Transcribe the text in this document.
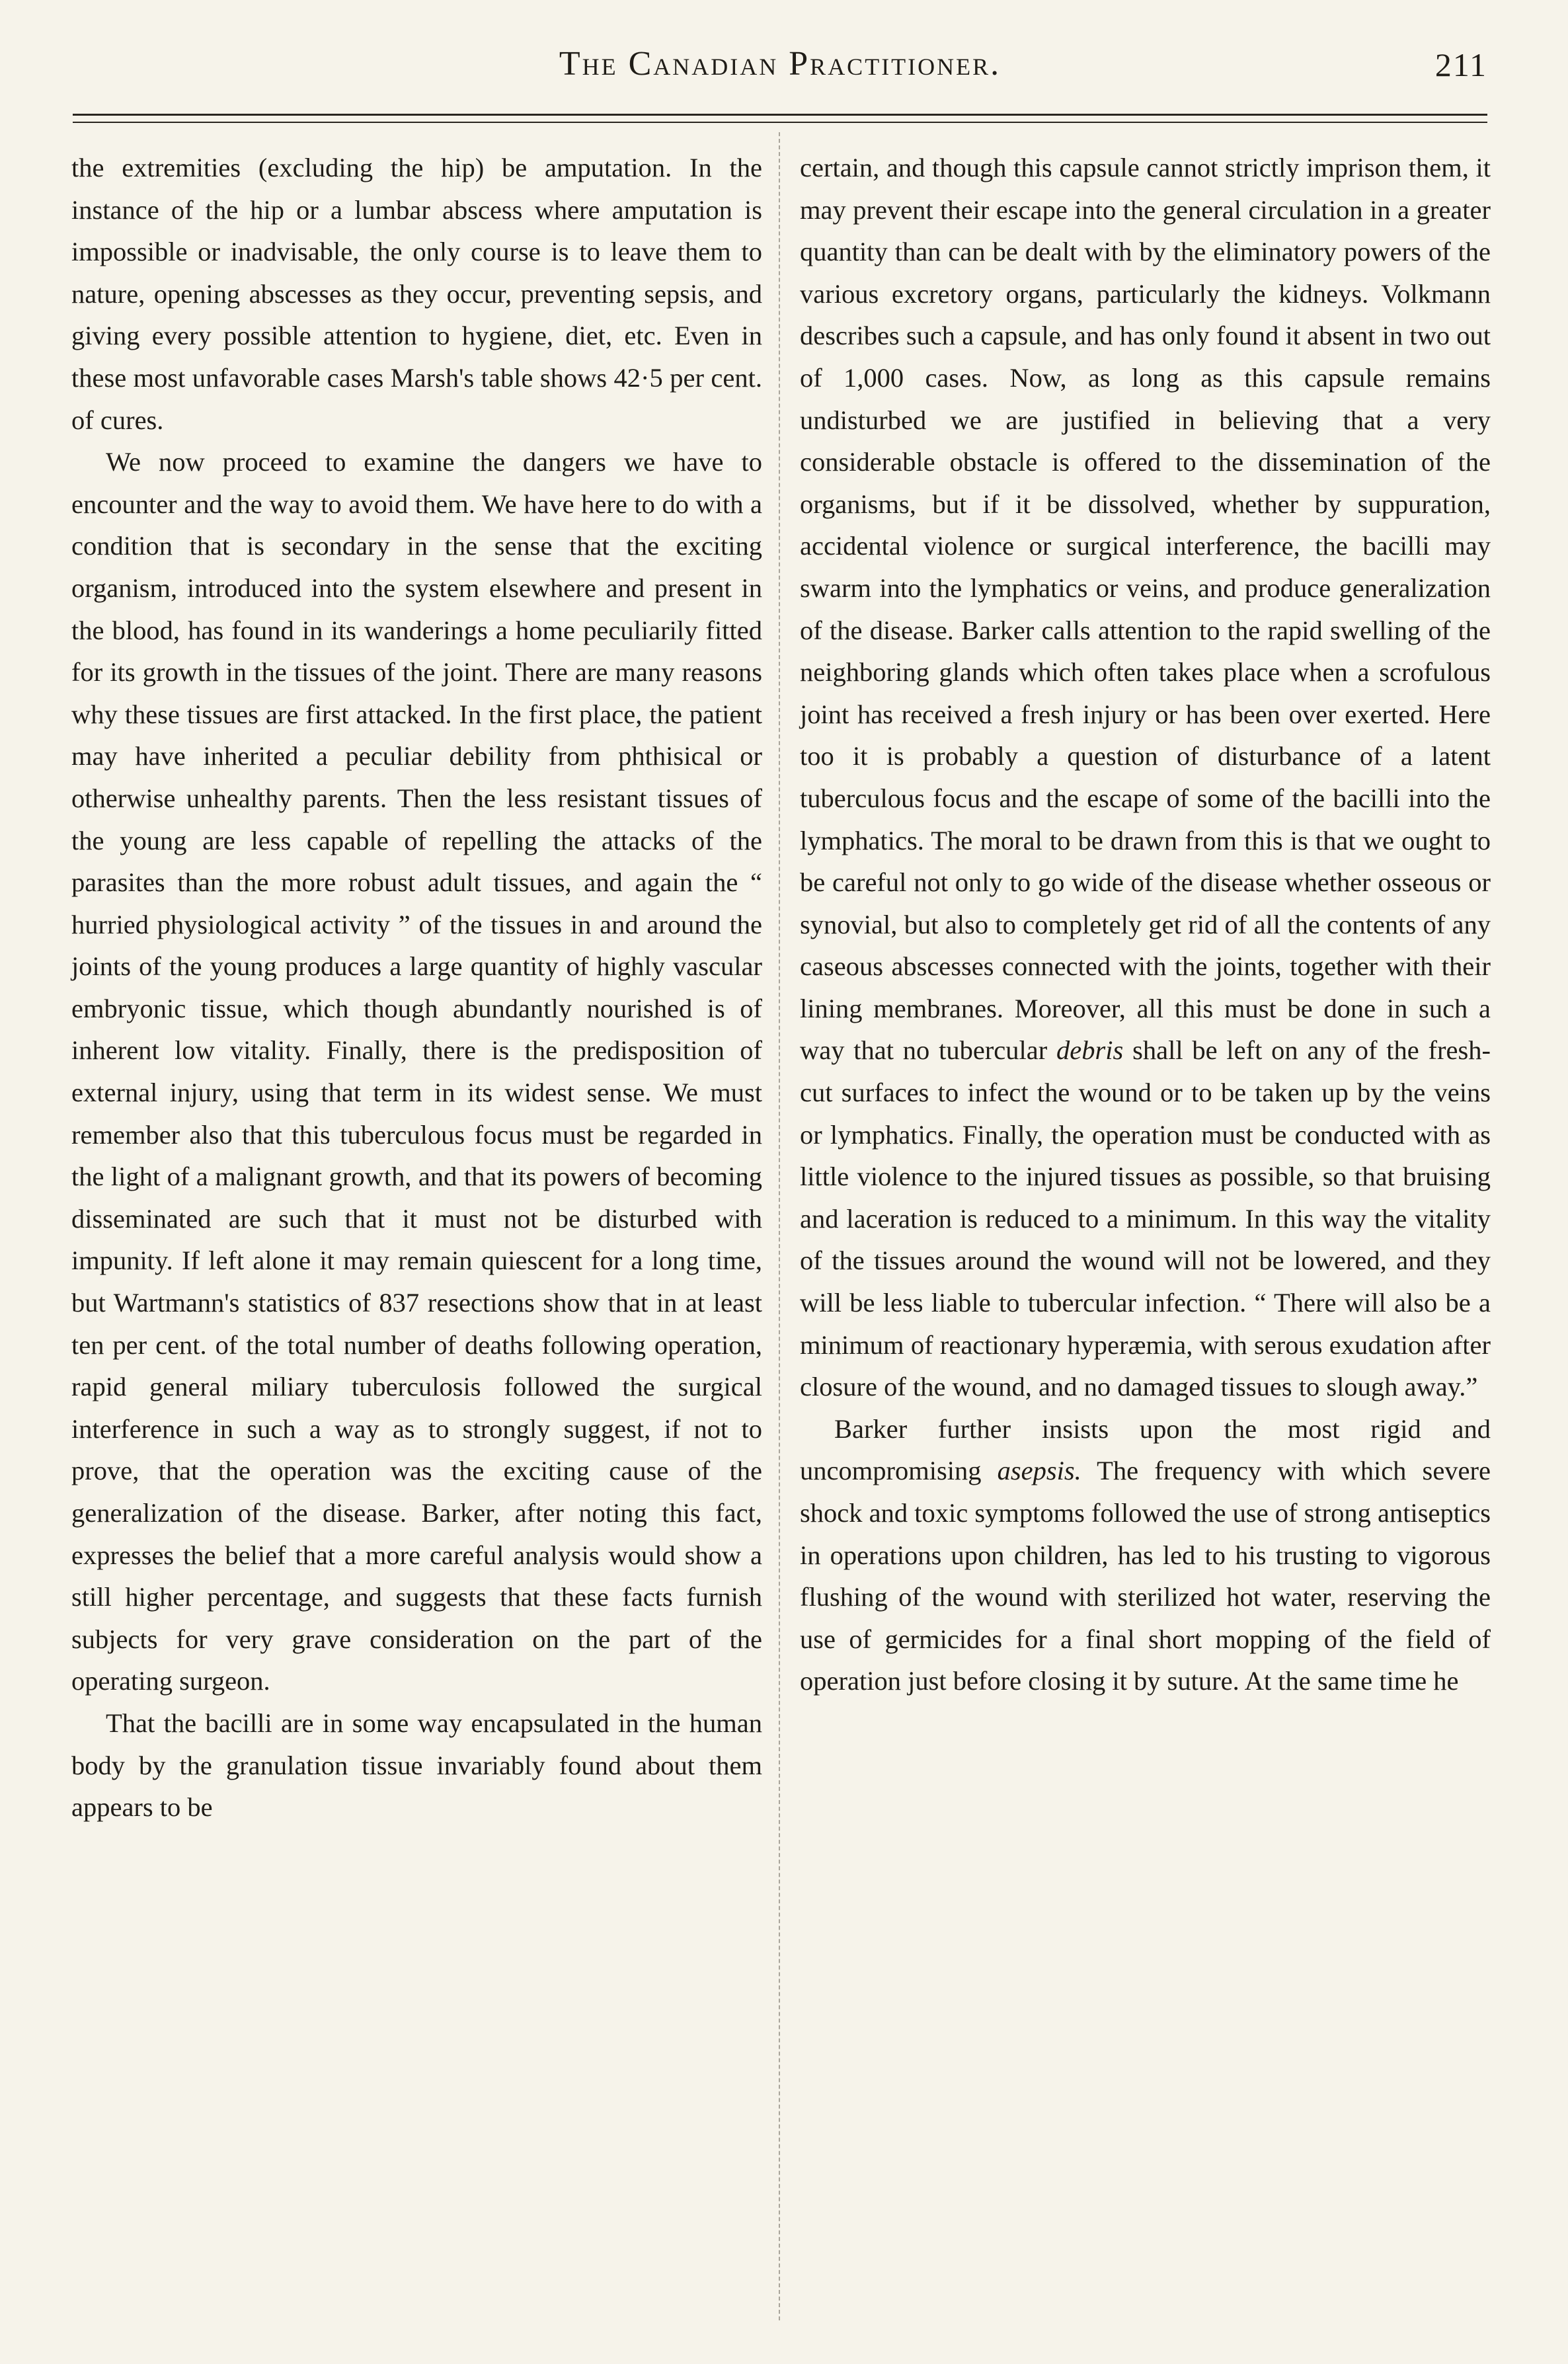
The Canadian Practitioner.	211

the extremities (excluding the hip) be amputation. In the instance of the hip or a lumbar abscess where amputation is impossible or inadvisable, the only course is to leave them to nature, opening abscesses as they occur, preventing sepsis, and giving every possible attention to hygiene, diet, etc. Even in these most unfavorable cases Marsh's table shows 42·5 per cent. of cures.

We now proceed to examine the dangers we have to encounter and the way to avoid them. We have here to do with a condition that is secondary in the sense that the exciting organism, introduced into the system elsewhere and present in the blood, has found in its wanderings a home peculiarily fitted for its growth in the tissues of the joint. There are many reasons why these tissues are first attacked. In the first place, the patient may have inherited a peculiar debility from phthisical or otherwise unhealthy parents. Then the less resistant tissues of the young are less capable of repelling the attacks of the parasites than the more robust adult tissues, and again the “ hurried physiological activity ” of the tissues in and around the joints of the young produces a large quantity of highly vascular embryonic tissue, which though abundantly nourished is of inherent low vitality. Finally, there is the predisposition of external injury, using that term in its widest sense. We must remember also that this tuberculous focus must be regarded in the light of a malignant growth, and that its powers of becoming disseminated are such that it must not be disturbed with impunity. If left alone it may remain quiescent for a long time, but Wartmann's statistics of 837 resections show that in at least ten per cent. of the total number of deaths following operation, rapid general miliary tuberculosis followed the surgical interference in such a way as to strongly suggest, if not to prove, that the operation was the exciting cause of the generalization of the disease. Barker, after noting this fact, expresses the belief that a more careful analysis would show a still higher percentage, and suggests that these facts furnish subjects for very grave consideration on the part of the operating surgeon.

That the bacilli are in some way encapsulated in the human body by the granulation tissue invariably found about them appears to be

certain, and though this capsule cannot strictly imprison them, it may prevent their escape into the general circulation in a greater quantity than can be dealt with by the eliminatory powers of the various excretory organs, particularly the kidneys. Volkmann describes such a capsule, and has only found it absent in two out of 1,000 cases. Now, as long as this capsule remains undisturbed we are justified in believing that a very considerable obstacle is offered to the dissemination of the organisms, but if it be dissolved, whether by suppuration, accidental violence or surgical interference, the bacilli may swarm into the lymphatics or veins, and produce generalization of the disease. Barker calls attention to the rapid swelling of the neighboring glands which often takes place when a scrofulous joint has received a fresh injury or has been over exerted. Here too it is probably a question of disturbance of a latent tuberculous focus and the escape of some of the bacilli into the lymphatics. The moral to be drawn from this is that we ought to be careful not only to go wide of the disease whether osseous or synovial, but also to completely get rid of all the contents of any caseous abscesses connected with the joints, together with their lining membranes. Moreover, all this must be done in such a way that no tubercular debris shall be left on any of the fresh-cut surfaces to infect the wound or to be taken up by the veins or lymphatics. Finally, the operation must be conducted with as little violence to the injured tissues as possible, so that bruising and laceration is reduced to a minimum. In this way the vitality of the tissues around the wound will not be lowered, and they will be less liable to tubercular infection. “ There will also be a minimum of reactionary hyperæmia, with serous exudation after closure of the wound, and no damaged tissues to slough away.”

Barker further insists upon the most rigid and uncompromising asepsis. The frequency with which severe shock and toxic symptoms followed the use of strong antiseptics in operations upon children, has led to his trusting to vigorous flushing of the wound with sterilized hot water, reserving the use of germicides for a final short mopping of the field of operation just before closing it by suture. At the same time he
